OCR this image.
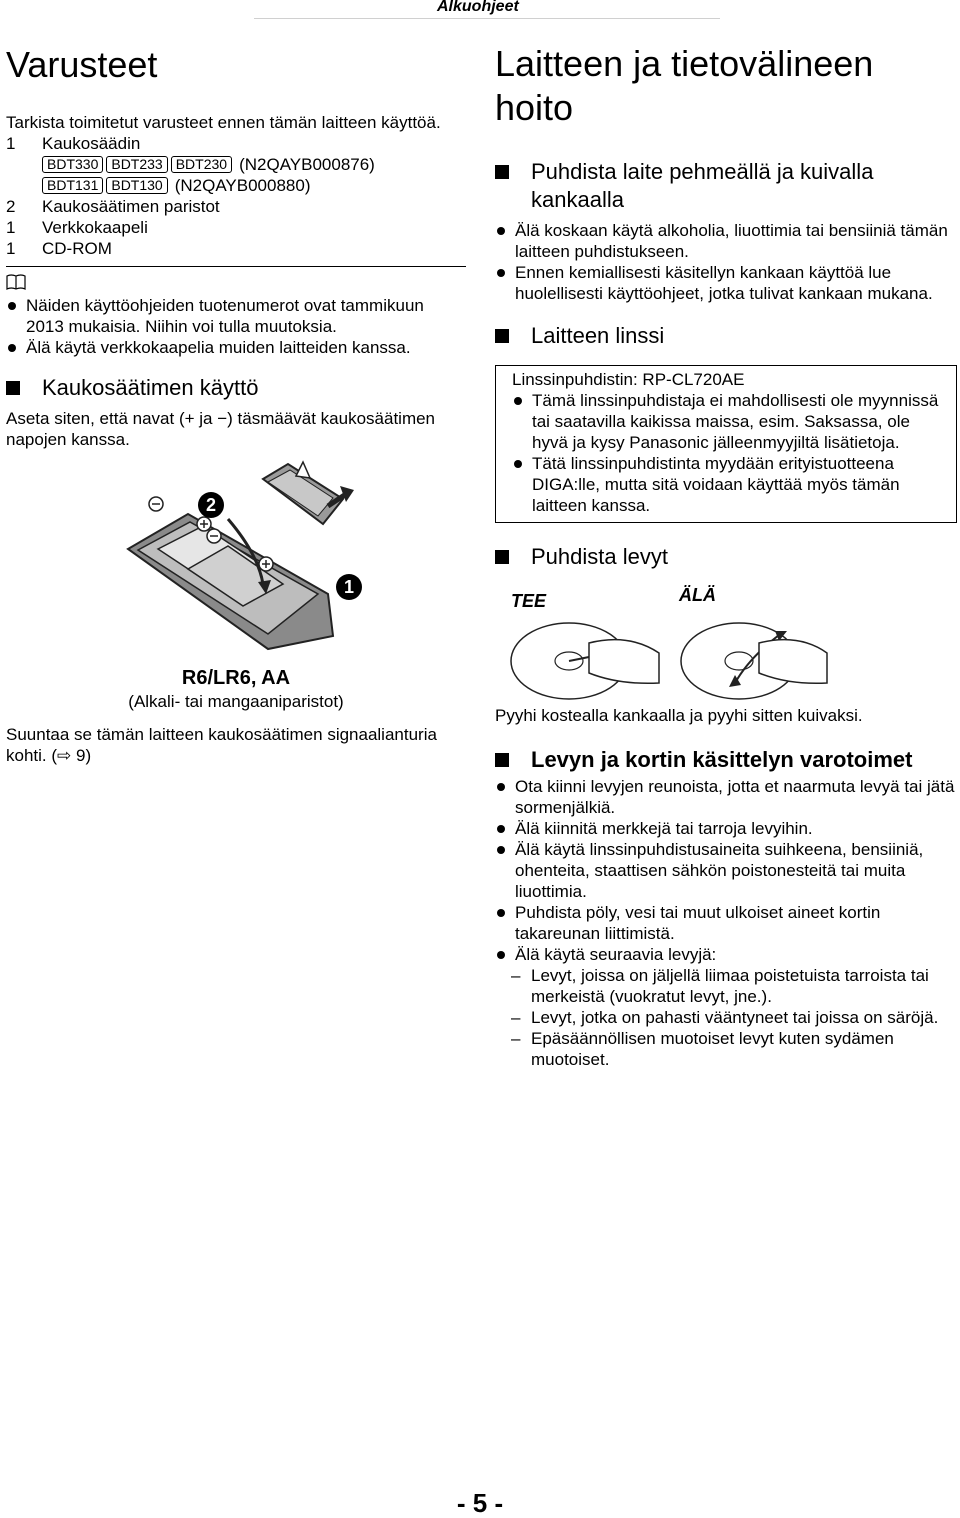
Alkuohjeet
Varusteet

Tarkista toimitetut varusteet ennen tämän laitteen käyttöä.

1	Kaukosäädin
BDT330 BDT233 BDT230 (N2QAYB000876)
BDT131 BDT130 (N2QAYB000880)
2	Kaukosäätimen paristot
1	Verkkokaapeli
1	CD-ROM
Näiden käyttöohjeiden tuotenumerot ovat tammikuun 2013 mukaisia. Niihin voi tulla muutoksia.
Älä käytä verkkokaapelia muiden laitteiden kanssa.
Kaukosäätimen käyttö

Aseta siten, että navat (+ ja −) täsmäävät kaukosäätimen napojen kanssa.

2
1
R6/LR6, AA
(Alkali- tai mangaaniparistot)

Suuntaa se tämän laitteen kaukosäätimen signaalianturia kohti. (⇨ 9)

Laitteen ja tietovälineen hoito
Puhdista laite pehmeällä ja kuivalla kankaalla
Älä koskaan käytä alkoholia, liuottimia tai bensiiniä tämän laitteen puhdistukseen.
Ennen kemiallisesti käsitellyn kankaan käyttöä lue huolellisesti käyttöohjeet, jotka tulivat kankaan mukana.
Laitteen linssi

Linssinpuhdistin: RP-CL720AE

Tämä linssinpuhdistaja ei mahdollisesti ole myynnissä tai saatavilla kaikissa maissa, esim. Saksassa, ole hyvä ja kysy Panasonic jälleenmyyjiltä lisätietoja.
Tätä linssinpuhdistinta myydään erityistuotteena DIGA:lle, mutta sitä voidaan käyttää myös tämän laitteen kanssa.
Puhdista levyt
TEE	ÄLÄ

Pyyhi kostealla kankaalla ja pyyhi sitten kuivaksi.

Levyn ja kortin käsittelyn varotoimet
Ota kiinni levyjen reunoista, jotta et naarmuta levyä tai jätä sormenjälkiä.
Älä kiinnitä merkkejä tai tarroja levyihin.
Älä käytä linssinpuhdistusaineita suihkeena, bensiiniä, ohenteita, staattisen sähkön poistonesteitä tai muita liuottimia.
Puhdista pöly, vesi tai muut ulkoiset aineet kortin takareunan liittimistä.
Älä käytä seuraavia levyjä:
– Levyt, joissa on jäljellä liimaa poistetuista tarroista tai merkeistä (vuokratut levyt, jne.).
– Levyt, jotka on pahasti vääntyneet tai joissa on säröjä.
– Epäsäännöllisen muotoiset levyt kuten sydämen muotoiset.
- 5 -
